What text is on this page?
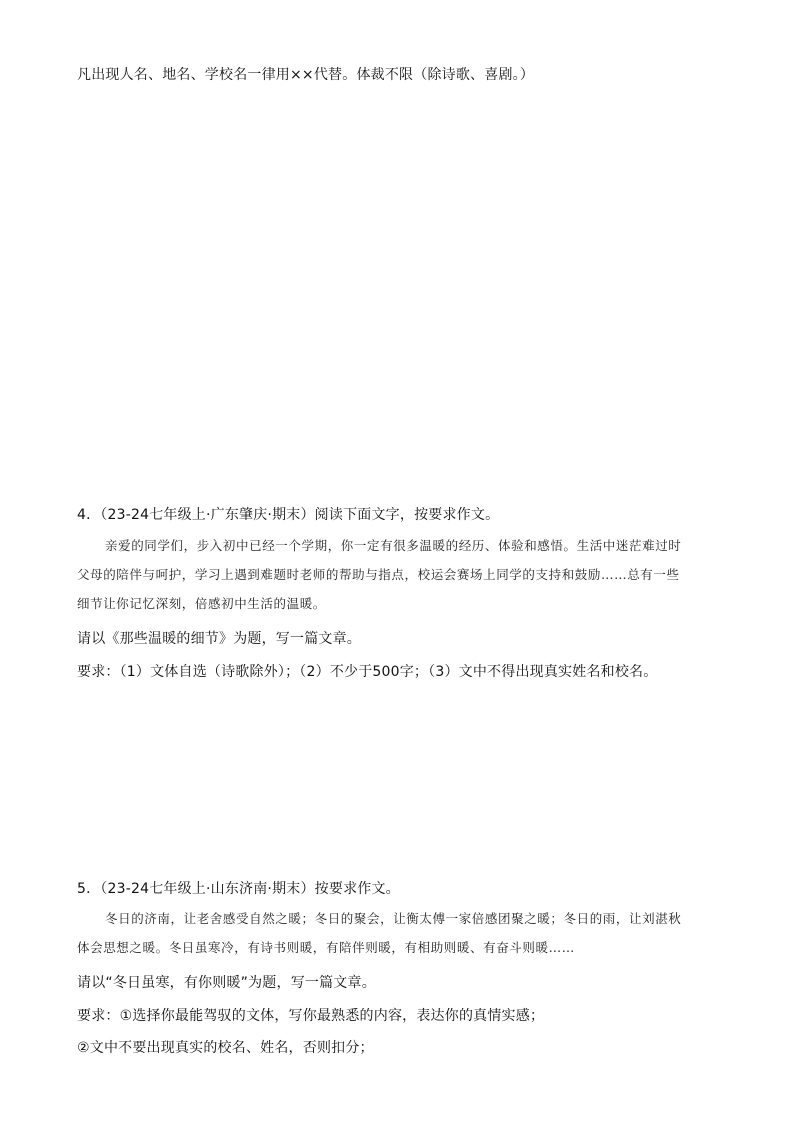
凡出现人名、地名、学校名一律用××代替。体裁不限（除诗歌、喜剧。）
4．（23-24七年级上·广东肇庆·期末）阅读下面文字，按要求作文。
亲爱的同学们，步入初中已经一个学期，你一定有很多温暖的经历、体验和感悟。生活中迷茫难过时
父母的陪伴与呵护，学习上遇到难题时老师的帮助与指点，校运会赛场上同学的支持和鼓励……总有一些
细节让你记忆深刻，倍感初中生活的温暖。
请以《那些温暖的细节》为题，写一篇文章。
要求：（1）文体自选（诗歌除外）；（2）不少于500字；（3）文中不得出现真实姓名和校名。
5．（23-24七年级上·山东济南·期末）按要求作文。
冬日的济南，让老舍感受自然之暖；冬日的聚会，让衡太傅一家倍感团聚之暖；冬日的雨，让刘湛秋
体会思想之暖。冬日虽寒冷，有诗书则暖，有陪伴则暖，有相助则暖、有奋斗则暖……
请以“冬日虽寒，有你则暖”为题，写一篇文章。
要求：①选择你最能驾驭的文体，写你最熟悉的内容，表达你的真情实感；
②文中不要出现真实的校名、姓名，否则扣分；
